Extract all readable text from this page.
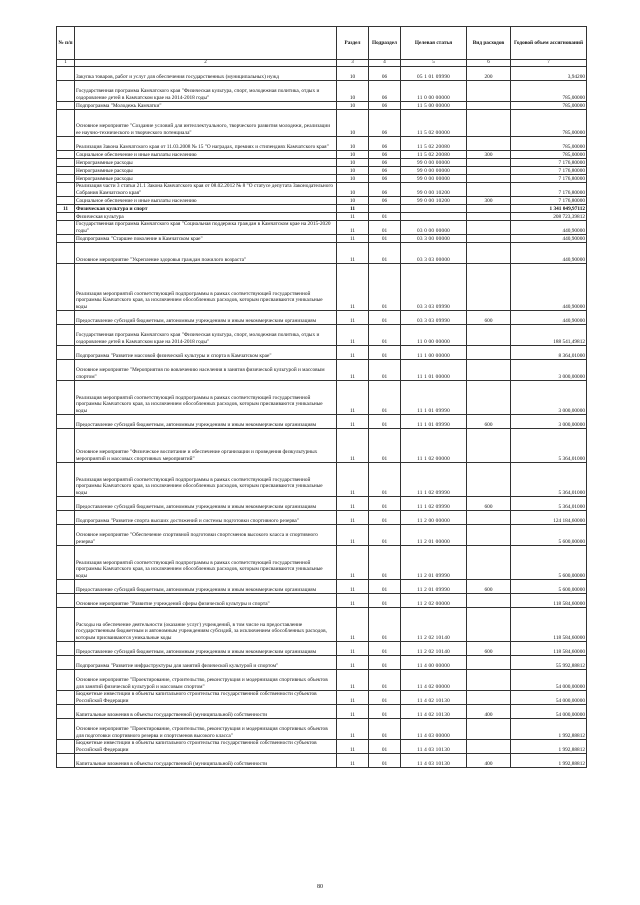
№ п/п		Раздел	Подраздел	Целевая статья	Вид расходов	Годовой объем ассигнований
1	2	3	4	5	6	7
	Закупка товаров, работ и услуг для обеспечения государственных (муниципальных) нужд	10	06	05 1 01 09990	200	3,94200
	Государственная программа Камчатского края "Физическая культура, спорт, молодежная политика, отдых и оздоровление детей в Камчатском крае на 2014-2018 годы"	10	06	11 0 00 00000		785,00000
	Подпрограмма "Молодежь Камчатки"	10	06	11 5 00 00000		785,00000
	Основное мероприятие "Создание условий для интеллектуального, творческого развития молодежи, реализации ее научно-технического и творческого потенциала"	10	06	11 5 02 00000		785,00000
	Реализация Закона Камчатского края от 11.03.2008 № 15 "О наградах, премиях и стипендиях Камчатского края"	10	06	11 5 02 20080		785,00000
	Социальное обеспечение и иные выплаты населению	10	06	11 5 02 20080	300	785,00000
	Непрограммные расходы	10	06	99 0 00 00000		7 176,80000
	Непрограммные расходы	10	06	99 0 00 00000		7 176,80000
	Непрограммные расходы	10	06	99 0 00 00000		7 176,80000
	Реализация части 3 статьи 21.1 Закона Камчатского края от 08.02.2012 № 8 "О статусе депутата Законодательного Собрания Камчатского края"	10	06	99 0 00 10200		7 176,80000
	Социальное обеспечение и иные выплаты населению	10	06	99 0 00 10200	300	7 176,80000
11	Физическая культура и спорт	11				1 341 049,97112
	Физическая культура	11	01			208 723,39812
	Государственная программа Камчатского края "Социальная поддержка граждан в Камчатском крае на 2015-2020 годы"	11	01	03 0 00 00000		440,90000
	Подпрограмма "Старшее поколение в Камчатском крае"	11	01	03 3 00 00000		440,90000
	Основное мероприятие "Укрепление здоровья граждан пожилого возраста"	11	01	03 3 03 00000		440,90000
	Реализация мероприятий соответствующей подпрограммы в рамках соответствующей государственной программы Камчатского края, за исключением обособленных расходов, которым присваиваются уникальные коды	11	01	03 3 03 09990		440,90000
	Предоставление субсидий бюджетным, автономным учреждениям и иным некоммерческим организациям	11	01	03 3 03 09990	600	440,90000
	Государственная программа Камчатского края "Физическая культура, спорт, молодежная политика, отдых и оздоровление детей в Камчатском крае на 2014-2018 годы"	11	01	11 0 00 00000		188 541,49812
	Подпрограмма "Развитие массовой физической культуры и спорта в Камчатском крае"	11	01	11 1 00 00000		8 364,01000
	Основное мероприятие "Мероприятия по вовлечению населения в занятия физической культурой и массовым спортом"	11	01	11 1 01 00000		3 000,00000
	Реализация мероприятий соответствующей подпрограммы в рамках соответствующей государственной программы Камчатского края, за исключением обособленных расходов, которым присваиваются уникальные коды	11	01	11 1 01 09990		3 000,00000
	Предоставление субсидий бюджетным, автономным учреждениям и иным некоммерческим организациям	11	01	11 1 01 09990	600	3 000,00000
	Основное мероприятие "Физическое воспитание и обеспечение организации и проведения физкультурных мероприятий и массовых спортивных мероприятий"	11	01	11 1 02 00000		5 364,01000
	Реализация мероприятий соответствующей подпрограммы в рамках соответствующей государственной программы Камчатского края, за исключением обособленных расходов, которым присваиваются уникальные коды	11	01	11 1 02 09990		5 364,01000
	Предоставление субсидий бюджетным, автономным учреждениям и иным некоммерческим организациям	11	01	11 1 02 09990	600	5 364,01000
	Подпрограмма "Развитие спорта высших достижений и системы подготовки спортивного резерва"	11	01	11 2 00 00000		124 184,60000
	Основное мероприятие "Обеспечение спортивной подготовки спортсменов высокого класса и спортивного резерва"	11	01	11 2 01 00000		5 600,00000
	Реализация мероприятий соответствующей подпрограммы в рамках соответствующей государственной программы Камчатского края, за исключением обособленных расходов, которым присваиваются уникальные коды	11	01	11 2 01 09990		5 600,00000
	Предоставление субсидий бюджетным, автономным учреждениям и иным некоммерческим организациям	11	01	11 2 01 09990	600	5 600,00000
	Основное мероприятие "Развитие учреждений сферы физической культуры и спорта"	11	01	11 2 02 00000		118 584,60000
	Расходы на обеспечение деятельности (оказание услуг) учреждений, в том числе на предоставление государственным бюджетным и автономным учреждениям субсидий, за исключением обособленных расходов, которым присваиваются уникальные коды	11	01	11 2 02 10140		118 584,60000
	Предоставление субсидий бюджетным, автономным учреждениям и иным некоммерческим организациям	11	01	11 2 02 10140	600	118 584,60000
	Подпрограмма "Развитие инфраструктуры для занятий физической культурой и спортом"	11	01	11 4 00 00000		55 992,88812
	Основное мероприятие "Проектирование, строительство, реконструкция и модернизация спортивных объектов для занятий физической культурой и массовым спортом"	11	01	11 4 02 00000		54 000,00000
	Бюджетные инвестиции в объекты капитального строительства государственной собственности субъектов Российской Федерации	11	01	11 4 02 10130		54 000,00000
	Капитальные вложения в объекты государственной (муниципальной) собственности	11	01	11 4 02 10130	400	54 000,00000
	Основное мероприятие "Проектирование, строительство, реконструкция и модернизация спортивных объектов для подготовки спортивного резерва и спортсменов высокого класса"	11	01	11 4 03 00000		1 992,88812
	Бюджетные инвестиции в объекты капитального строительства государственной собственности субъектов Российской Федерации	11	01	11 4 03 10130		1 992,88812
	Капитальные вложения в объекты государственной (муниципальной) собственности	11	01	11 4 03 10130	400	1 992,88812
80
